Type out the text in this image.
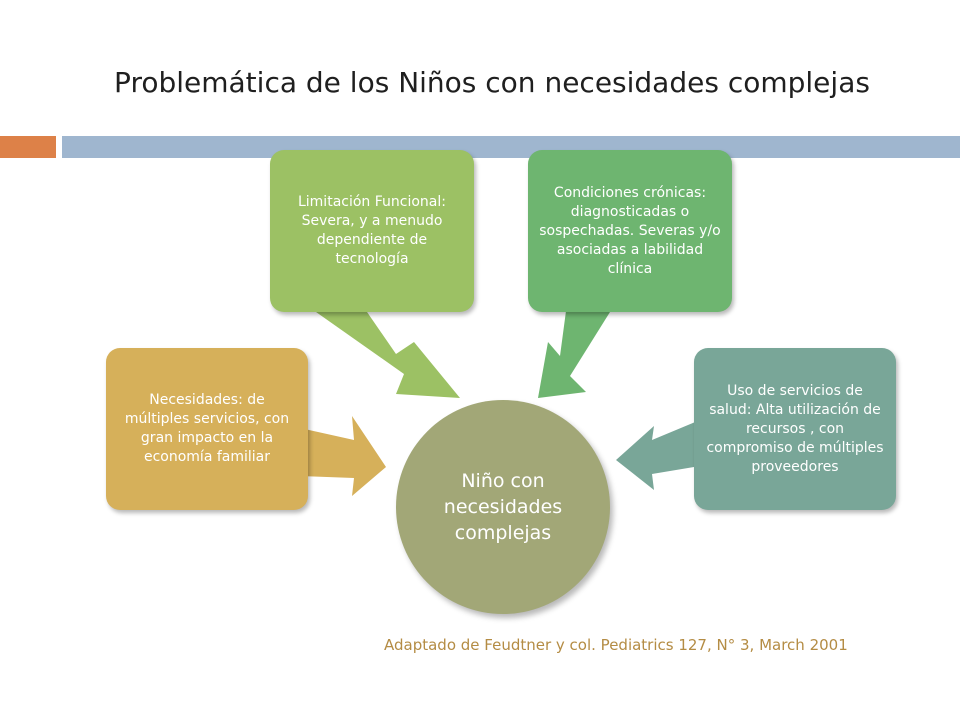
Problemática de los Niños con necesidades complejas
Necesidades: de múltiples servicios, con gran impacto en la economía familiar
Limitación Funcional: Severa, y a menudo dependiente de tecnología
Condiciones crónicas: diagnosticadas o sospechadas. Severas y/o asociadas a labilidad clínica
Uso de servicios de salud: Alta utilización de recursos , con compromiso de múltiples proveedores
Niño con necesidades complejas
Adaptado de Feudtner y col. Pediatrics 127, N° 3, March 2001
